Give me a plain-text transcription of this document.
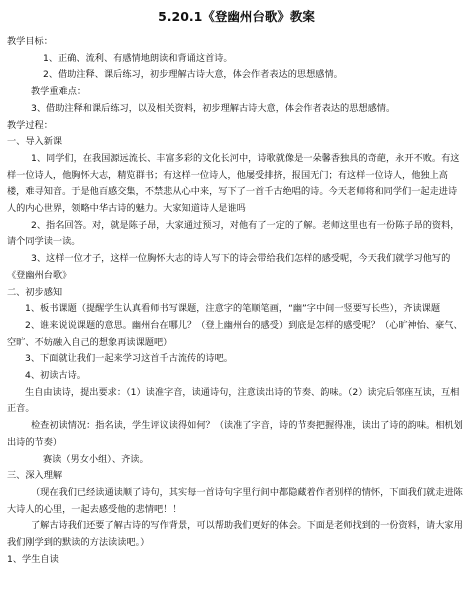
5.20.1《登幽州台歌》教案

教学目标：

1、正确、流利、有感情地朗读和背诵这首诗。

2、借助注释、课后练习，初步理解古诗大意，体会作者表达的思想感情。

教学重难点：

3、借助注释和课后练习，以及相关资料，初步理解古诗大意，体会作者表达的思想感情。

教学过程：

一、导入新课

1、同学们，在我国源远流长、丰富多彩的文化长河中，诗歌就像是一朵馨香独具的奇葩，永开不败。有这样一位诗人，他胸怀大志，精览群书；有这样一位诗人，他屡受排挤，报国无门；有这样一位诗人，他独上高楼，难寻知音。于是他百感交集，不禁悲从心中来，写下了一首千古绝唱的诗。今天老师将和同学们一起走进诗人的内心世界，领略中华古诗的魅力。大家知道诗人是谁吗

2、指名回答。对，就是陈子昂，大家通过预习，对他有了一定的了解。老师这里也有一份陈子昂的资料，请个同学读一读。

3、这样一位才子，这样一位胸怀大志的诗人写下的诗会带给我们怎样的感受呢，今天我们就学习他写的《登幽州台歌》

二、初步感知

1、板书课题（提醒学生认真看师书写课题，注意字的笔顺笔画，“幽”字中间一竖要写长些），齐读课题

2、谁来说说课题的意思。幽州台在哪儿？（登上幽州台的感受）到底是怎样的感受呢？（心旷神怡、豪气、空旷、不妨融入自己的想象再读课题吧）

3、下面就让我们一起来学习这首千古流传的诗吧。

4、初读古诗。

生自由读诗，提出要求：（1）读准字音，读通诗句，注意读出诗的节奏、韵味。（2）读完后邻座互读，互相正音。

检查初读情况：指名读，学生评议读得如何？（读准了字音，诗的节奏把握得准，读出了诗的韵味。相机划出诗的节奏）

赛读（男女小组）、齐读。

三、深入理解

（现在我们已经读通读顺了诗句，其实每一首诗句字里行间中都隐藏着作者别样的情怀，下面我们就走进陈大诗人的心里，一起去感受他的悲情吧！！

了解古诗我们还要了解古诗的写作背景，可以帮助我们更好的体会。下面是老师找到的一份资料，请大家用我们刚学到的默读的方法读读吧。）

1、学生自读
